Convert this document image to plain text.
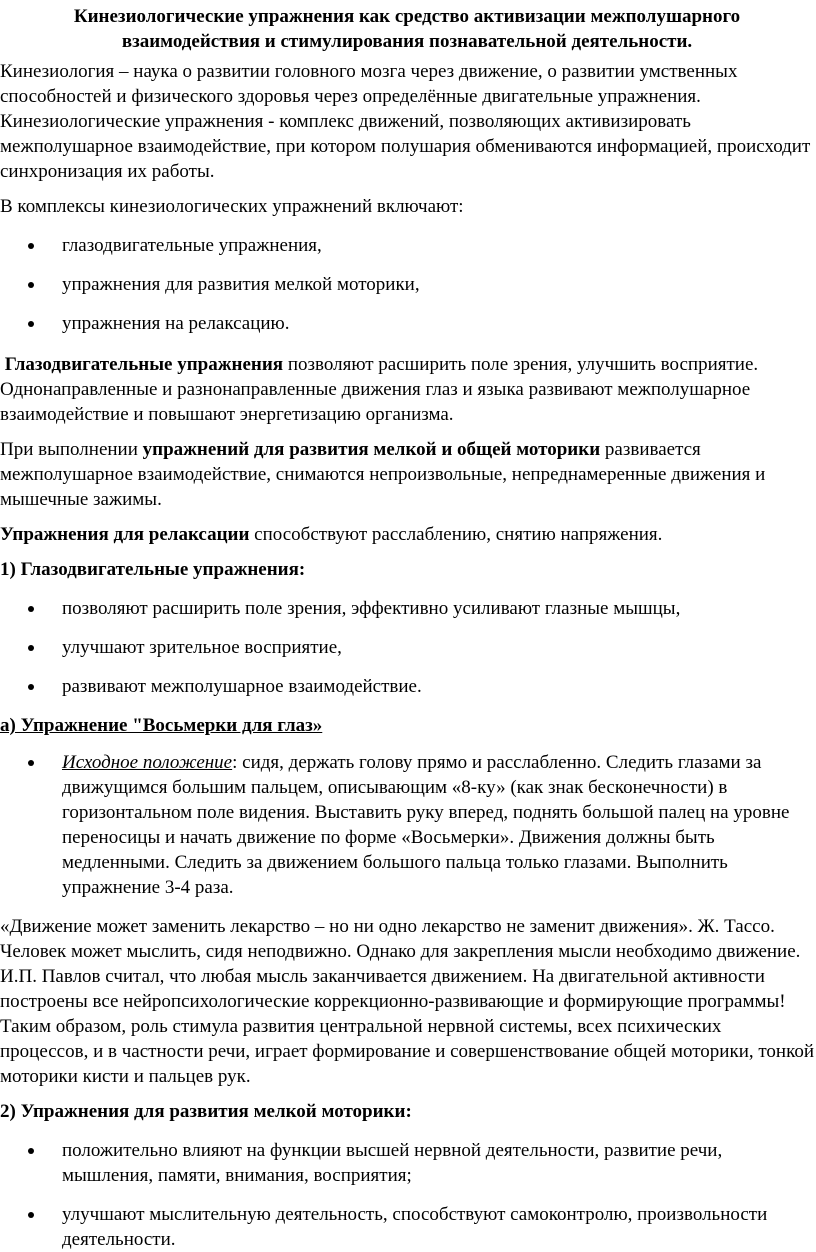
Кинезиологические упражнения как средство активизации межполушарного взаимодействия и стимулирования познавательной деятельности.

Кинезиология – наука о развитии головного мозга через движение, о развитии умственных способностей и физического здоровья через определённые двигательные упражнения. Кинезиологические упражнения - комплекс движений, позволяющих активизировать межполушарное взаимодействие, при котором полушария обмениваются информацией, происходит синхронизация их работы.

В комплексы кинезиологических упражнений включают:

глазодвигательные упражнения,
упражнения для развития мелкой моторики,
упражнения на релаксацию.

Глазодвигательные упражнения позволяют расширить поле зрения, улучшить восприятие. Однонаправленные и разнонаправленные движения глаз и языка развивают межполушарное взаимодействие и повышают энергетизацию организма.

При выполнении упражнений для развития мелкой и общей моторики развивается межполушарное взаимодействие, снимаются непроизвольные, непреднамеренные движения и мышечные зажимы.

Упражнения для релаксации способствуют расслаблению, снятию напряжения.

1) Глазодвигательные упражнения:

позволяют расширить поле зрения, эффективно усиливают глазные мышцы,
улучшают зрительное восприятие,
развивают межполушарное взаимодействие.

а) Упражнение "Восьмерки для глаз»

Исходное положение: сидя, держать голову прямо и расслабленно. Следить глазами за движущимся большим пальцем, описывающим «8-ку» (как знак бесконечности) в горизонтальном поле видения. Выставить руку вперед, поднять большой палец на уровне переносицы и начать движение по форме «Восьмерки». Движения должны быть медленными. Следить за движением большого пальца только глазами. Выполнить упражнение 3-4 раза.

«Движение может заменить лекарство – но ни одно лекарство не заменит движения». Ж. Тассо. Человек может мыслить, сидя неподвижно. Однако для закрепления мысли необходимо движение. И.П. Павлов считал, что любая мысль заканчивается движением. На двигательной активности построены все нейропсихологические коррекционно-развивающие и формирующие программы! Таким образом, роль стимула развития центральной нервной системы, всех психических процессов, и в частности речи, играет формирование и совершенствование общей моторики, тонкой моторики кисти и пальцев рук.

2) Упражнения для развития мелкой моторики:

положительно влияют на функции высшей нервной деятельности, развитие речи, мышления, памяти, внимания, восприятия;
улучшают мыслительную деятельность, способствуют самоконтролю, произвольности деятельности.
